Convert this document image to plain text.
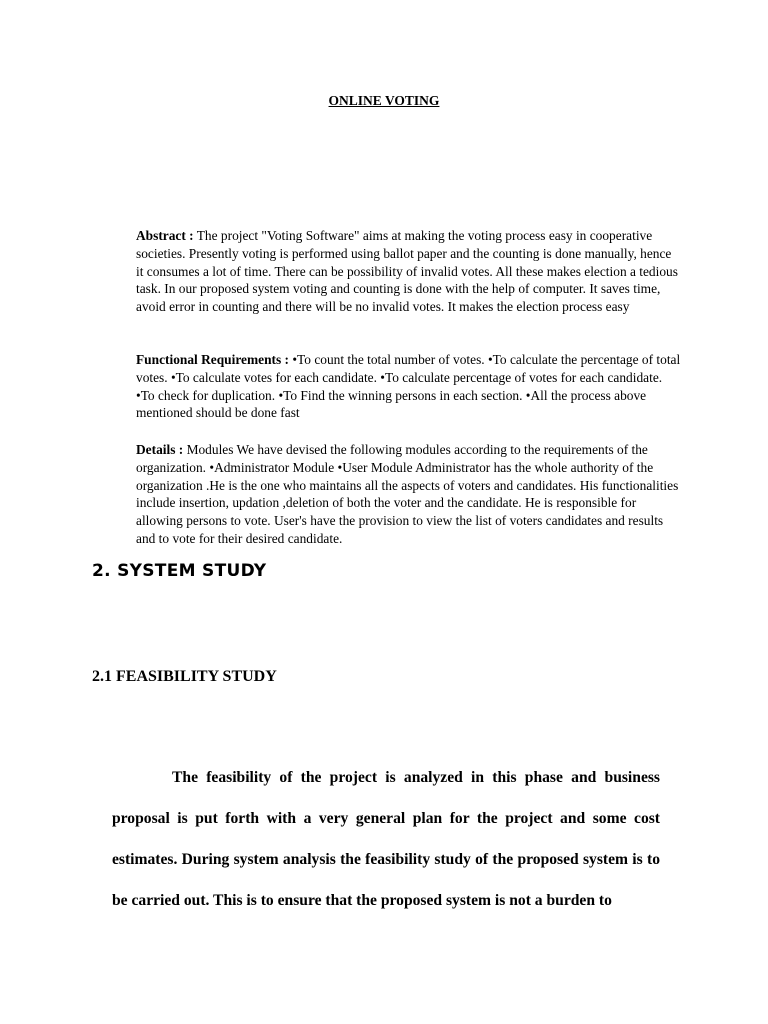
ONLINE VOTING

Abstract : The project "Voting Software" aims at making the voting process easy in cooperative societies. Presently voting is performed using ballot paper and the counting is done manually, hence it consumes a lot of time. There can be possibility of invalid votes. All these makes election a tedious task. In our proposed system voting and counting is done with the help of computer. It saves time, avoid error in counting and there will be no invalid votes. It makes the election process easy

Functional Requirements : •To count the total number of votes. •To calculate the percentage of total votes. •To calculate votes for each candidate. •To calculate percentage of votes for each candidate. •To check for duplication. •To Find the winning persons in each section. •All the process above mentioned should be done fast

Details : Modules We have devised the following modules according to the requirements of the organization. •Administrator Module •User Module Administrator has the whole authority of the organization .He is the one who maintains all the aspects of voters and candidates. His functionalities include insertion, updation ,deletion of both the voter and the candidate. He is responsible for allowing persons to vote. User's have the provision to view the list of voters candidates and results and to vote for their desired candidate.

2. SYSTEM STUDY
2.1 FEASIBILITY STUDY

The feasibility of the project is analyzed in this phase and business proposal is put forth with a very general plan for the project and some cost estimates. During system analysis the feasibility study of the proposed system is to be carried out. This is to ensure that the proposed system is not a burden to
